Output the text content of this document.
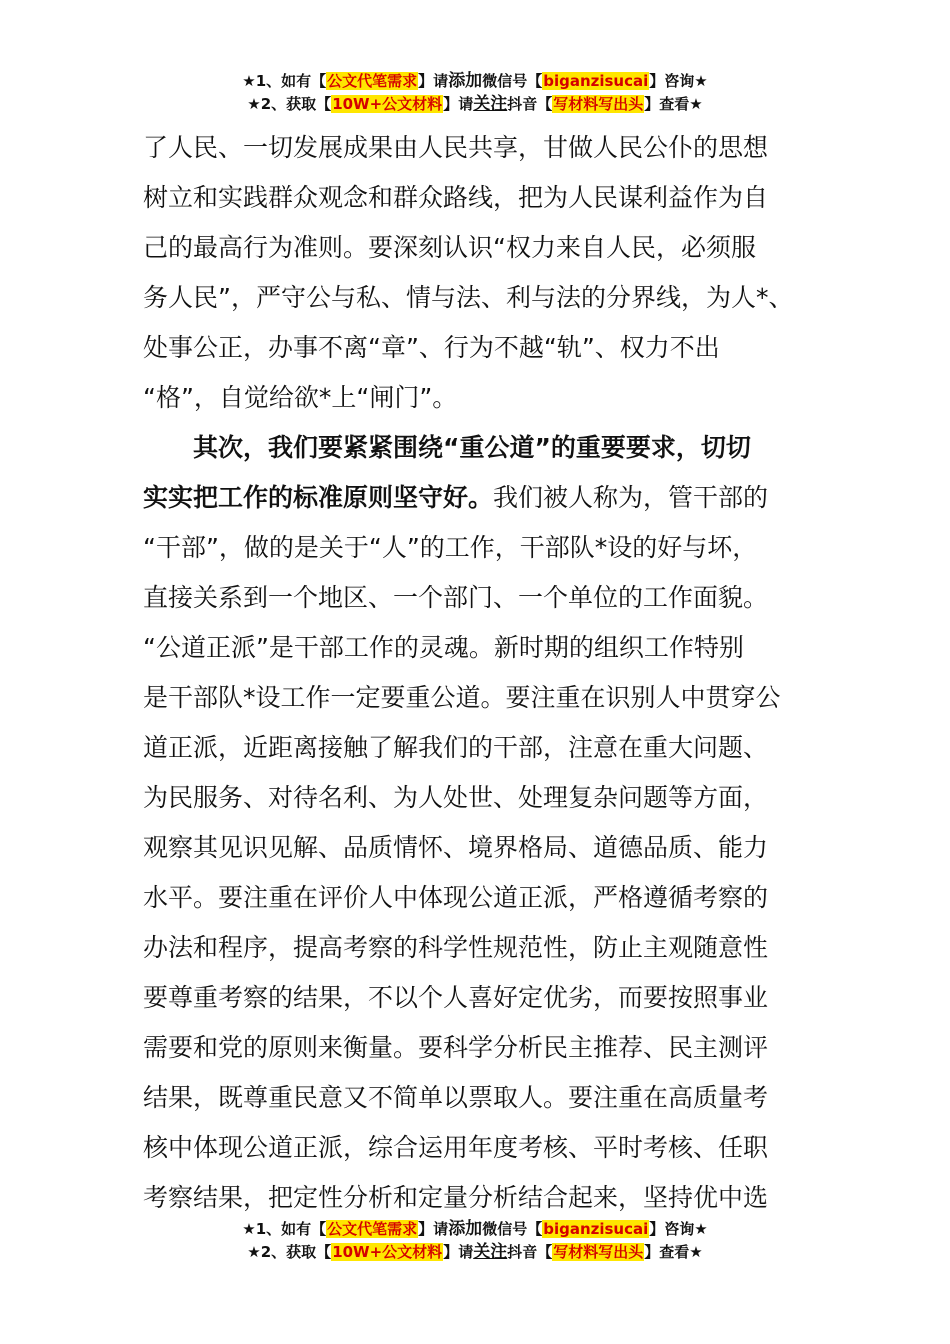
★1、如有【公文代笔需求】请添加微信号【biganzisucai】咨询★
★2、获取【10W+公文材料】请关注抖音【写材料写出头】查看★

了人民、一切发展成果由人民共享，甘做人民公仆的思想
树立和实践群众观念和群众路线，把为人民谋利益作为自
己的最高行为准则。要深刻认识“权力来自人民，必须服
务人民”，严守公与私、情与法、利与法的分界线，为人*、
处事公正，办事不离“章”、行为不越“轨”、权力不出
“格”，自觉给欲*上“闸门”。

　　其次，我们要紧紧围绕“重公道”的重要要求，切切
实实把工作的标准原则坚守好。我们被人称为，管干部的
“干部”，做的是关于“人”的工作，干部队*设的好与坏，
直接关系到一个地区、一个部门、一个单位的工作面貌。
“公道正派”是干部工作的灵魂。新时期的组织工作特别
是干部队*设工作一定要重公道。要注重在识别人中贯穿公
道正派，近距离接触了解我们的干部，注意在重大问题、
为民服务、对待名利、为人处世、处理复杂问题等方面，
观察其见识见解、品质情怀、境界格局、道德品质、能力
水平。要注重在评价人中体现公道正派，严格遵循考察的
办法和程序，提高考察的科学性规范性，防止主观随意性
要尊重考察的结果，不以个人喜好定优劣，而要按照事业
需要和党的原则来衡量。要科学分析民主推荐、民主测评
结果，既尊重民意又不简单以票取人。要注重在高质量考
核中体现公道正派，综合运用年度考核、平时考核、任职
考察结果，把定性分析和定量分析结合起来，坚持优中选

★1、如有【公文代笔需求】请添加微信号【biganzisucai】咨询★
★2、获取【10W+公文材料】请关注抖音【写材料写出头】查看★
